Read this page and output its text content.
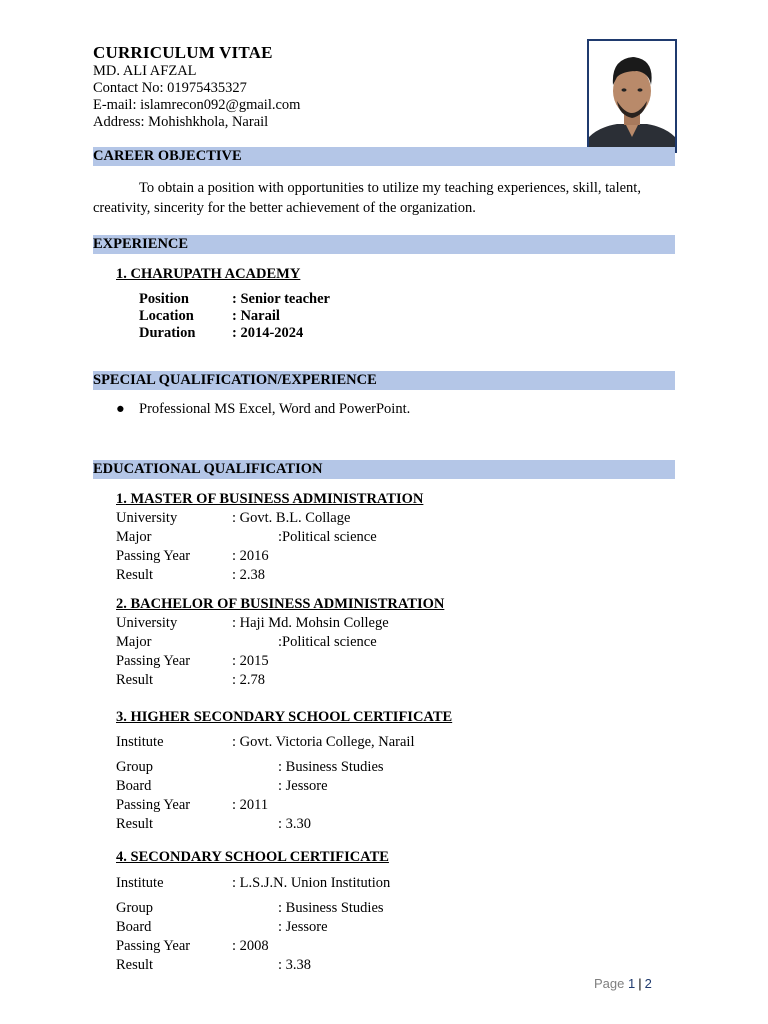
CURRICULUM VITAE
MD. ALI AFZAL
Contact No: 01975435327
E-mail: islamrecon092@gmail.com
Address: Mohishkhola, Narail
CAREER OBJECTIVE
To obtain a position with opportunities to utilize my teaching experiences, skill, talent, creativity, sincerity for the better achievement of the organization.
EXPERIENCE
1. CHARUPATH ACADEMY
Position	: Senior teacher
Location	: Narail
Duration	: 2014-2024
SPECIAL QUALIFICATION/EXPERIENCE
● Professional MS Excel, Word and PowerPoint.
EDUCATIONAL QUALIFICATION
1. MASTER OF BUSINESS ADMINISTRATION
University	: Govt. B.L. Collage
Major	:Political science
Passing Year	: 2016
Result	: 2.38
2. BACHELOR OF BUSINESS ADMINISTRATION
University	: Haji Md. Mohsin College
Major	:Political science
Passing Year	: 2015
Result	: 2.78
3. HIGHER SECONDARY SCHOOL CERTIFICATE
Institute	: Govt. Victoria College, Narail
Group	: Business Studies
Board	: Jessore
Passing Year	: 2011
Result	: 3.30
4. SECONDARY SCHOOL CERTIFICATE
Institute	: L.S.J.N. Union Institution
Group	: Business Studies
Board	: Jessore
Passing Year	: 2008
Result	: 3.38
Page 1 | 2
